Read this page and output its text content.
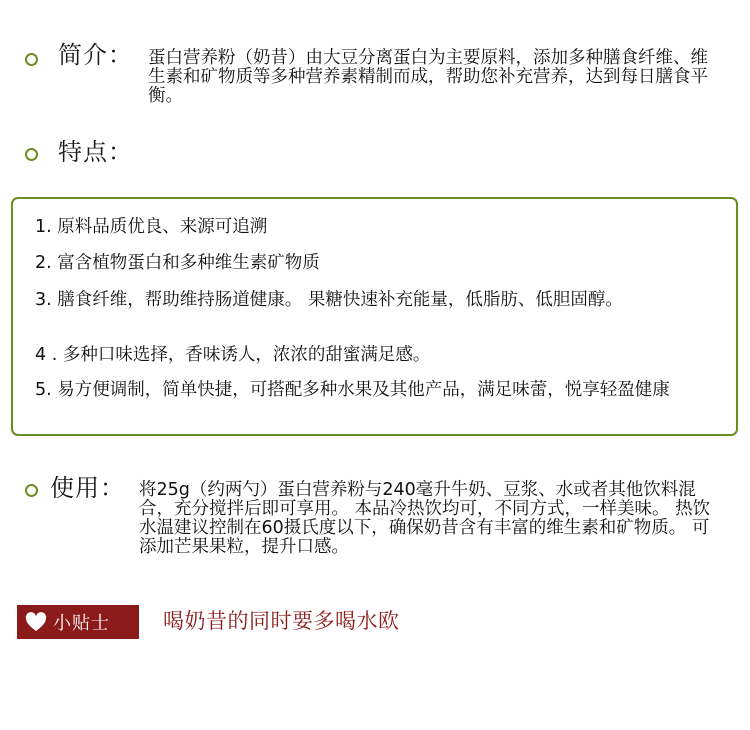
简介： 蛋白营养粉（奶昔）由大豆分离蛋白为主要原料，添加多种膳食纤维、维生素和矿物质等多种营养素精制而成，帮助您补充营养，达到每日膳食平衡。
特点：
1. 原料品质优良、来源可追溯
2. 富含植物蛋白和多种维生素矿物质
3. 膳食纤维，帮助维持肠道健康。 果糖快速补充能量，低脂肪、低胆固醇。
4 . 多种口味选择，香味诱人，浓浓的甜蜜满足感。
5. 易方便调制，简单快捷，可搭配多种水果及其他产品，满足味蕾，悦享轻盈健康
使用： 将25g（约两勺）蛋白营养粉与240毫升牛奶、豆浆、水或者其他饮料混合，充分搅拌后即可享用。 本品冷热饮均可，不同方式，一样美味。 热饮水温建议控制在60摄氏度以下，确保奶昔含有丰富的维生素和矿物质。 可添加芒果果粒，提升口感。
小贴士	喝奶昔的同时要多喝水欧
